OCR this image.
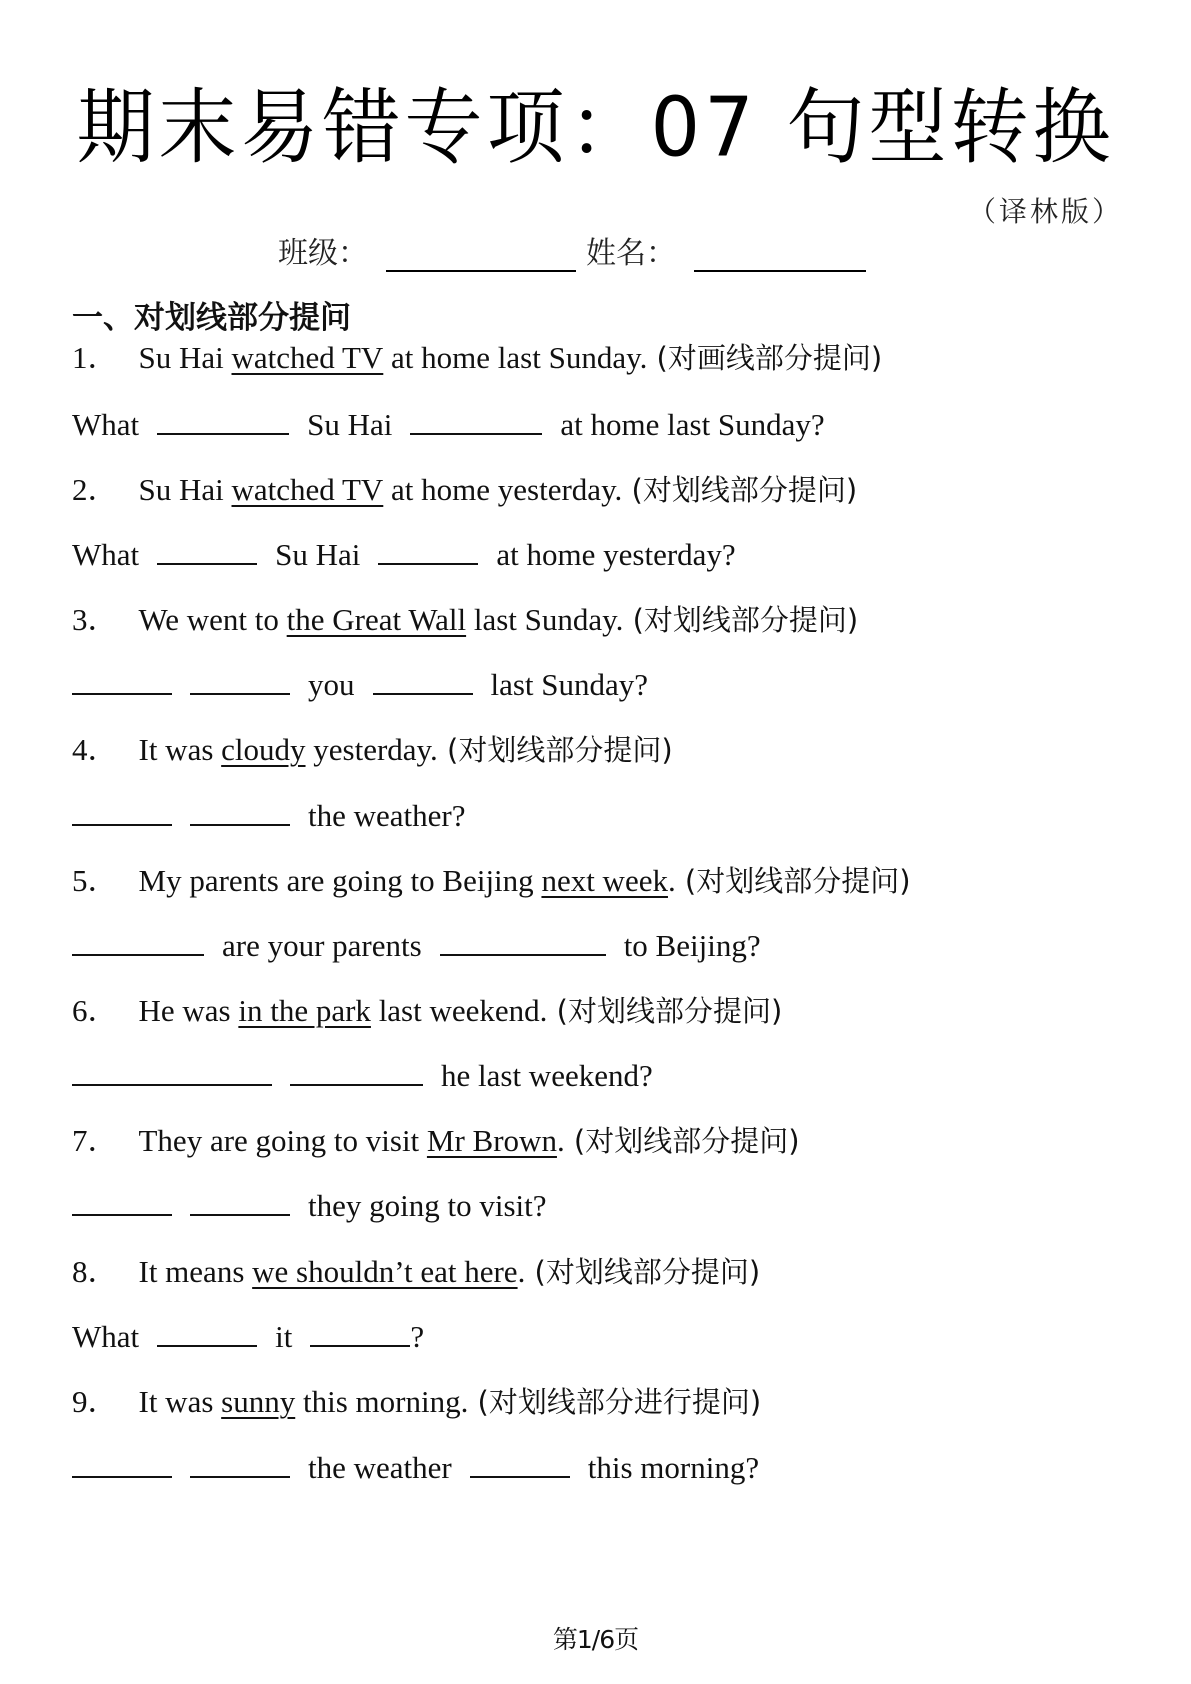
期末易错专项：07 句型转换
（译林版）
班级：	姓名：
一、对划线部分提问
1． Su Hai watched TV at home last Sunday. (对画线部分提问)
What	Su Hai	at home last Sunday?
2． Su Hai watched TV at home yesterday. (对划线部分提问)
What	Su Hai	at home yesterday?
3． We went to the Great Wall last Sunday. (对划线部分提问)
you	last Sunday?
4． It was cloudy yesterday. (对划线部分提问)
the weather?
5． My parents are going to Beijing next week . (对划线部分提问)
are your parents	to Beijing?
6． He was in the park last weekend. (对划线部分提问)
he last weekend?
7． They are going to visit Mr Brown . (对划线部分提问)
they going to visit?
8． It means we shouldn’t eat here . (对划线部分提问)
What	it	?
9． It was sunny this morning. (对划线部分进行提问)
the weather	this morning?
第1/6页
